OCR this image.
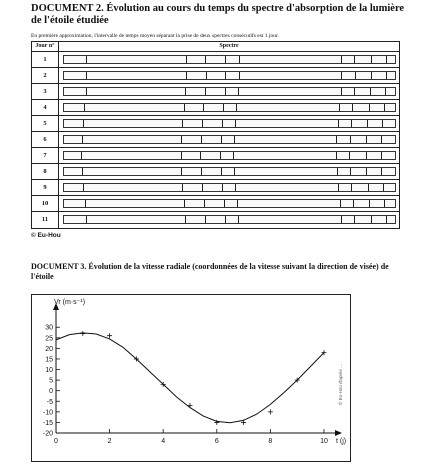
DOCUMENT 2. Évolution au cours du temps du spectre d'absorption de la lumière de l'étoile étudiée
En première approximation, l'intervalle de temps moyen séparant la prise de deux spectres consécutifs est 1 jour.
Jour n°	Spectre
1
2
3
4
5
6
7
8
9
10
11
© Eu-Hou
DOCUMENT 3. Évolution de la vitesse radiale (coordonnées de la vitesse suivant la direction de visée) de l'étoile
30
25
20
15
10
5
0
-5
-10
-15
-20
0	2	4	6	8	10
Vr (m·s⁻¹)
t (j)
© Eu-Hou d'après …
